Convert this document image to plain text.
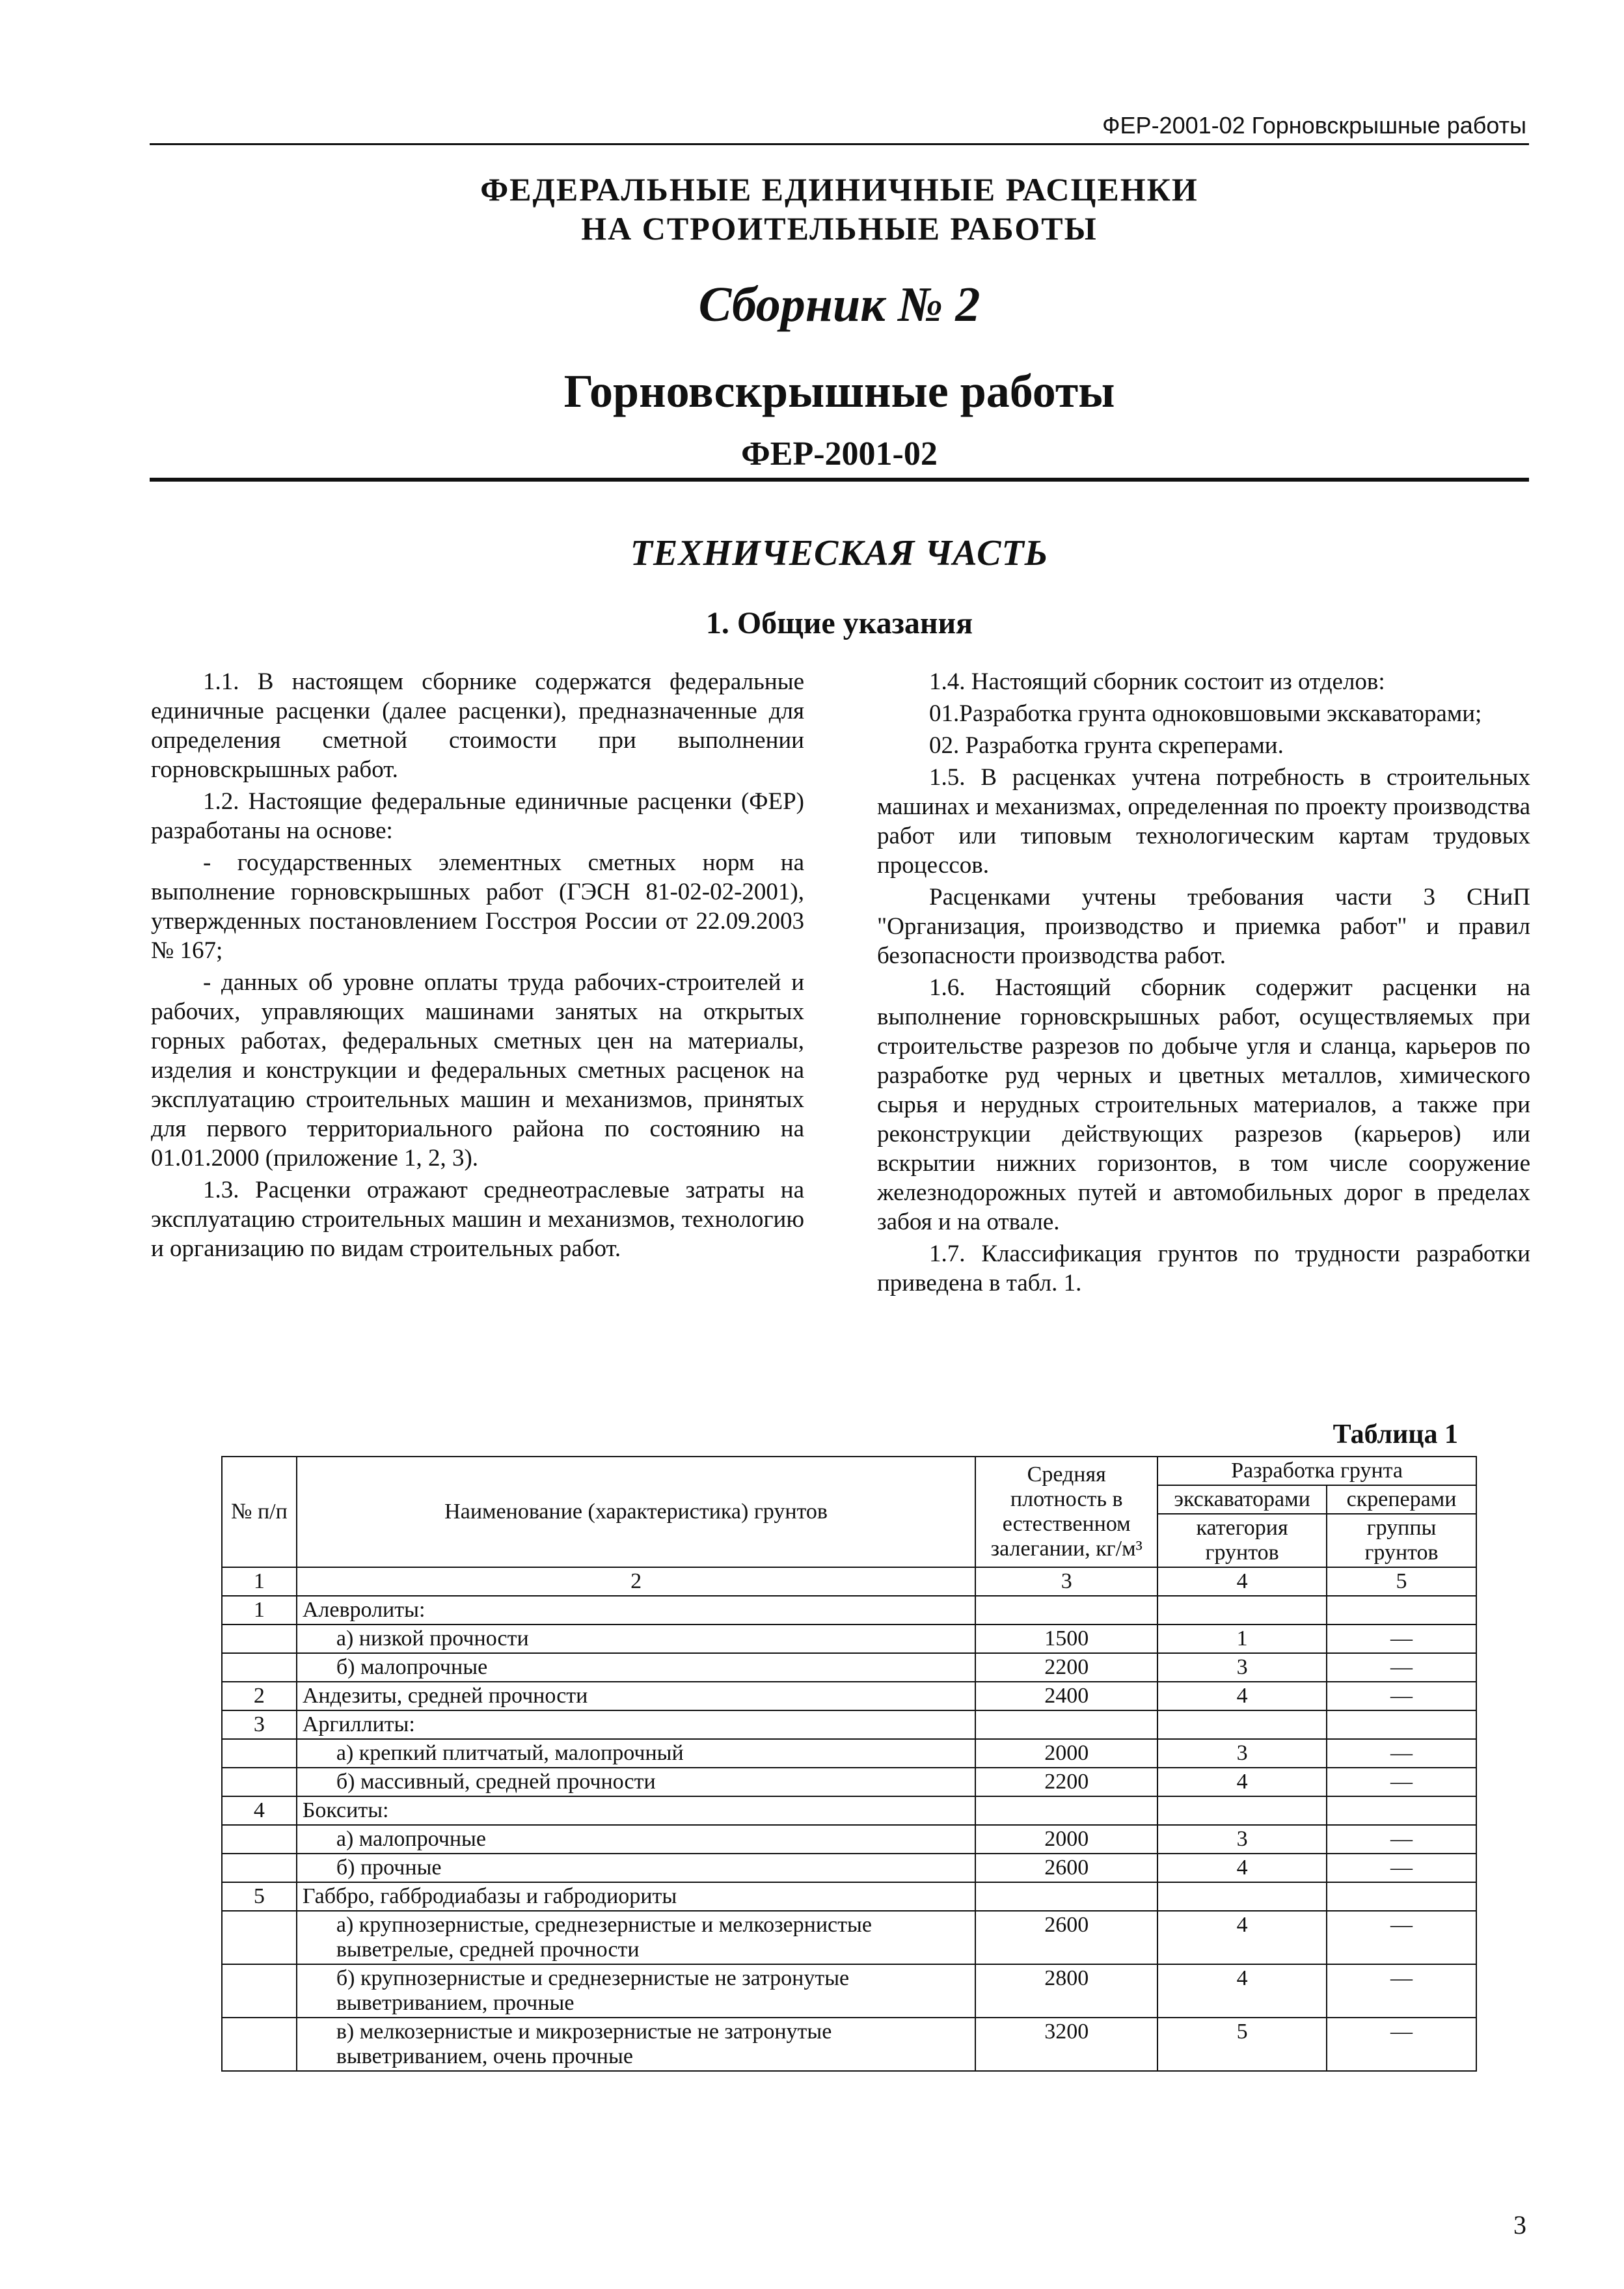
ФЕР-2001-02 Горновскрышные работы
ФЕДЕРАЛЬНЫЕ ЕДИНИЧНЫЕ РАСЦЕНКИ
НА СТРОИТЕЛЬНЫЕ РАБОТЫ
Сборник № 2
Горновскрышные работы
ФЕР-2001-02
ТЕХНИЧЕСКАЯ ЧАСТЬ
1. Общие указания

1.1. В настоящем сборнике содержатся федеральные единичные расценки (далее расценки), предназначенные для определения сметной стоимости при выполнении горновскрышных работ.

1.2. Настоящие федеральные единичные расценки (ФЕР) разработаны на основе:

- государственных элементных сметных норм на выполнение горновскрышных работ (ГЭСН 81-02-02-2001), утвержденных постановлением Госстроя России от 22.09.2003 № 167;

- данных об уровне оплаты труда рабочих-строителей и рабочих, управляющих машинами занятых на открытых горных работах, федеральных сметных цен на материалы, изделия и конструкции и федеральных сметных расценок на эксплуатацию строительных машин и механизмов, принятых для первого территориального района по состоянию на 01.01.2000 (приложение 1, 2, 3).

1.3. Расценки отражают среднеотраслевые затраты на эксплуатацию строительных машин и механизмов, технологию и организацию по видам строительных работ.

1.4. Настоящий сборник состоит из отделов:

01.Разработка грунта одноковшовыми экскаваторами;

02. Разработка грунта скреперами.

1.5. В расценках учтена потребность в строительных машинах и механизмах, определенная по проекту производства работ или типовым технологическим картам трудовых процессов.

Расценками учтены требования части 3 СНиП "Организация, производство и приемка работ" и правил безопасности производства работ.

1.6. Настоящий сборник содержит расценки на выполнение горновскрышных работ, осуществляемых при строительстве разрезов по добыче угля и сланца, карьеров по разработке руд черных и цветных металлов, химического сырья и нерудных строительных материалов, а также при реконструкции действующих разрезов (карьеров) или вскрытии нижних горизонтов, в том числе сооружение железнодорожных путей и автомобильных дорог в пределах забоя и на отвале.

1.7. Классификация грунтов по трудности разработки приведена в табл. 1.

Таблица 1
№ п/п	Наименование (характеристика) грунтов	Средняя плотность в естественном залегании, кг/м³	Разработка грунта	
			экскаваторами	скреперами
			категория грунтов	группы грунтов
1	2	3	4	5
1	Алевролиты:			
	а) низкой прочности	1500	1	—
	б) малопрочные	2200	3	—
2	Андезиты, средней прочности	2400	4	—
3	Аргиллиты:			
	а) крепкий плитчатый, малопрочный	2000	3	—
	б) массивный, средней прочности	2200	4	—
4	Бокситы:			
	а) малопрочные	2000	3	—
	б) прочные	2600	4	—
5	Габбро, габбродиабазы и габродиориты			
	а) крупнозернистые, среднезернистые и мелкозернистые выветрелые, средней прочности	2600	4	—
	б) крупнозернистые и среднезернистые не затронутые выветриванием, прочные	2800	4	—
	в) мелкозернистые и микрозернистые не затронутые выветриванием, очень прочные	3200	5	—
3
